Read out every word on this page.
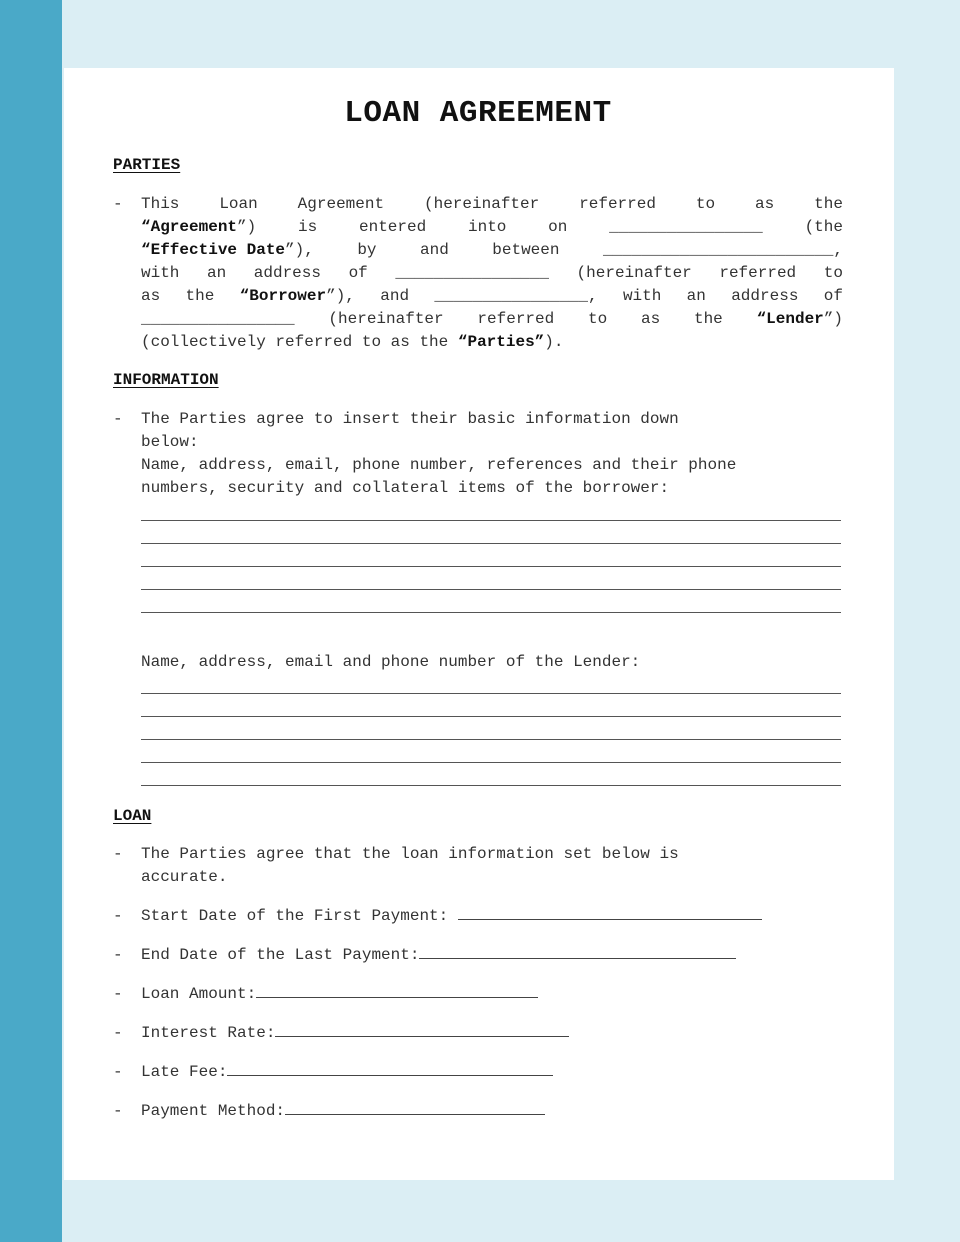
LOAN AGREEMENT
PARTIES
- This Loan Agreement (hereinafter referred to as the
“Agreement”)	is	entered	into	on	________________	(the
“Effective Date”),	by	and	between	________________________,
with an address of ________________ (hereinafter referred to
as the “Borrower”), and ________________, with an address of
________________ (hereinafter referred to as the “Lender”)
(collectively referred to as the “Parties”).
INFORMATION
- The Parties agree to insert their basic information down
below:
Name, address, email, phone number, references and their phone
numbers, security and collateral items of the borrower:
Name, address, email and phone number of the Lender:
LOAN
- The Parties agree that the loan information set below is
accurate.
- Start Date of the First Payment:
- End Date of the Last Payment:
- Loan Amount:
- Interest Rate:
- Late Fee:
- Payment Method:
